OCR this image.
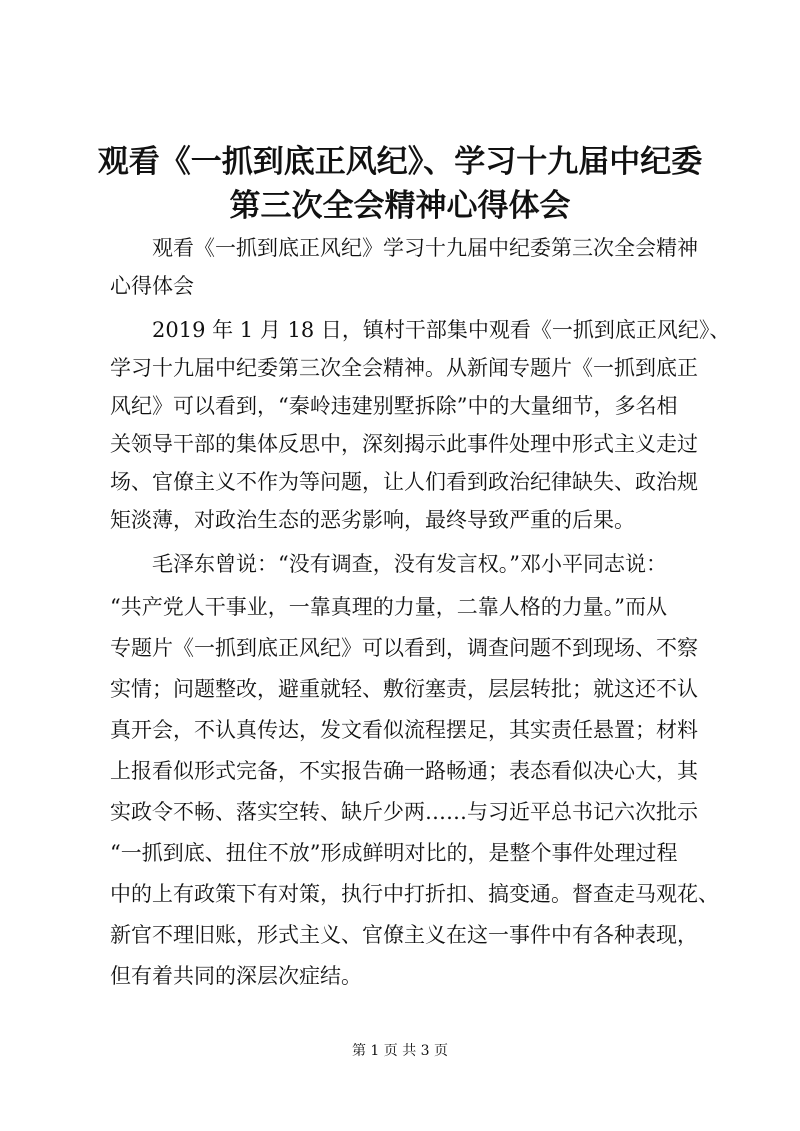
观看《一抓到底正风纪》、学习十九届中纪委
第三次全会精神心得体会

观看《一抓到底正风纪》学习十九届中纪委第三次全会精神

心得体会

2019 年 1 月 18 日，镇村干部集中观看《一抓到底正风纪》、

学习十九届中纪委第三次全会精神。从新闻专题片《一抓到底正

风纪》可以看到，“秦岭违建别墅拆除”中的大量细节，多名相

关领导干部的集体反思中，深刻揭示此事件处理中形式主义走过

场、官僚主义不作为等问题，让人们看到政治纪律缺失、政治规

矩淡薄，对政治生态的恶劣影响，最终导致严重的后果。

毛泽东曾说：“没有调查，没有发言权。”邓小平同志说：

“共产党人干事业，一靠真理的力量，二靠人格的力量。”而从

专题片《一抓到底正风纪》可以看到，调查问题不到现场、不察

实情；问题整改，避重就轻、敷衍塞责，层层转批；就这还不认

真开会，不认真传达，发文看似流程摆足，其实责任悬置；材料

上报看似形式完备，不实报告确一路畅通；表态看似决心大，其

实政令不畅、落实空转、缺斤少两……与习近平总书记六次批示

“一抓到底、扭住不放”形成鲜明对比的，是整个事件处理过程

中的上有政策下有对策，执行中打折扣、搞变通。督查走马观花、

新官不理旧账，形式主义、官僚主义在这一事件中有各种表现，

但有着共同的深层次症结。

第 1 页 共 3 页
